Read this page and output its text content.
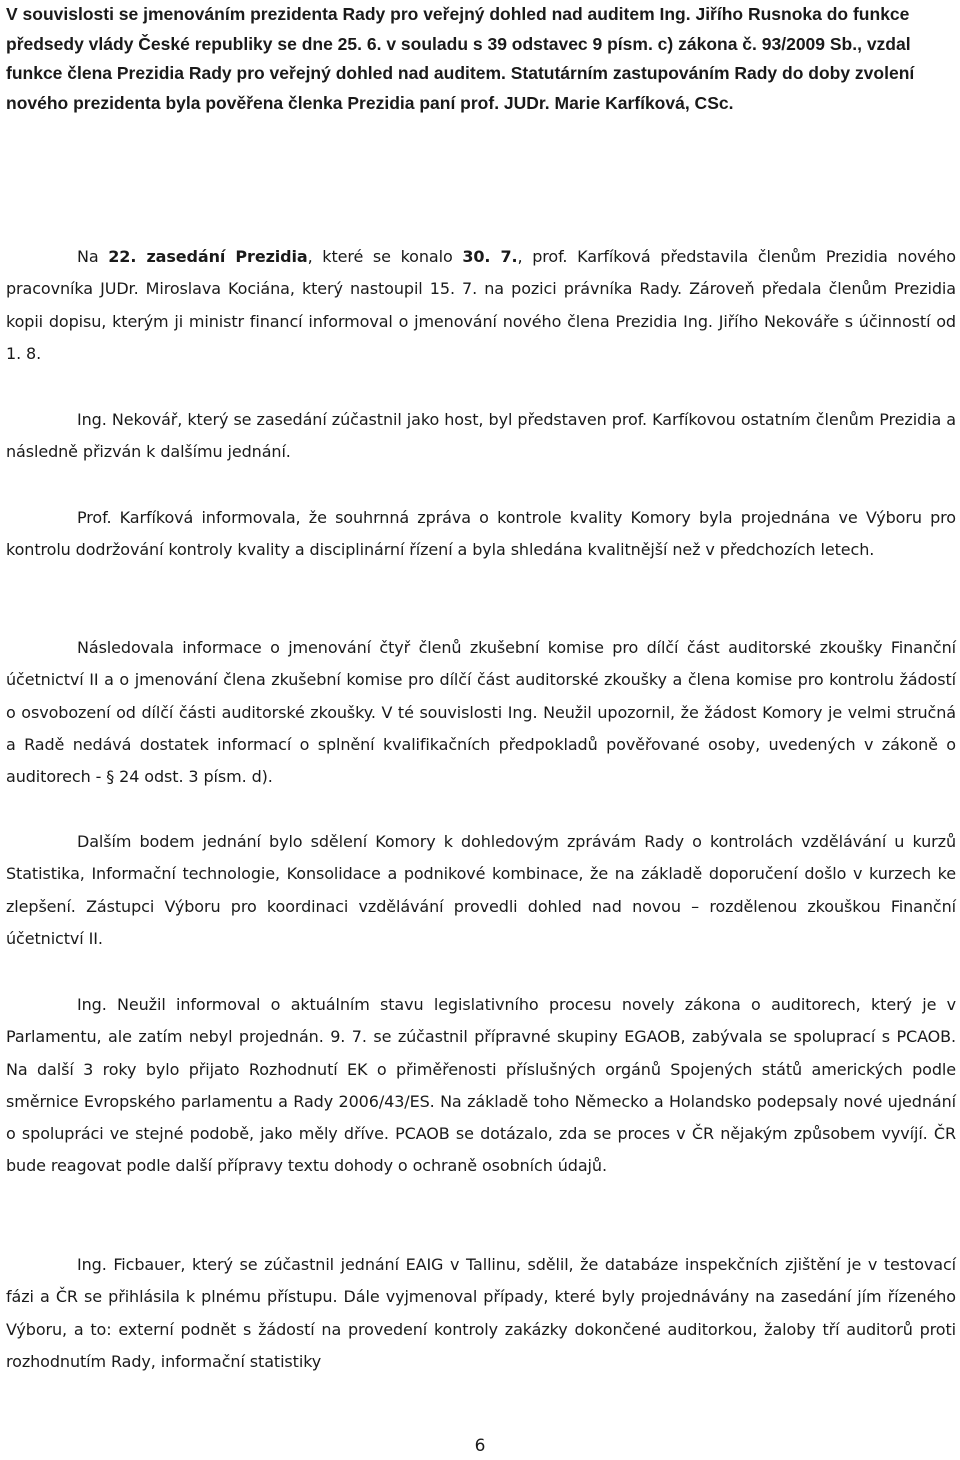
V souvislosti se jmenováním prezidenta Rady pro veřejný dohled nad auditem Ing. Jiřího Rusnoka do funkce předsedy vlády České republiky se dne 25. 6. v souladu s 39 odstavec 9 písm. c) zákona č. 93/2009 Sb., vzdal funkce člena Prezidia Rady pro veřejný dohled nad auditem. Statutárním zastupováním Rady do doby zvolení nového prezidenta byla pověřena členka Prezidia paní prof. JUDr. Marie Karfíková, CSc.

Na 22. zasedání Prezidia, které se konalo 30. 7., prof. Karfíková představila členům Prezidia nového pracovníka JUDr. Miroslava Kociána, který nastoupil 15. 7. na pozici právníka Rady. Zároveň předala členům Prezidia kopii dopisu, kterým ji ministr financí informoval o jmenování nového člena Prezidia Ing. Jiřího Nekováře s účinností od 1. 8.

Ing. Nekovář, který se zasedání zúčastnil jako host, byl představen prof. Karfíkovou ostatním členům Prezidia a následně přizván k dalšímu jednání.

Prof. Karfíková informovala, že souhrnná zpráva o kontrole kvality Komory byla projednána ve Výboru pro kontrolu dodržování kontroly kvality a disciplinární řízení a byla shledána kvalitnější než v předchozích letech.

Následovala informace o jmenování čtyř členů zkušební komise pro dílčí část auditorské zkoušky Finanční účetnictví II a o jmenování člena zkušební komise pro dílčí část auditorské zkoušky a člena komise pro kontrolu žádostí o osvobození od dílčí části auditorské zkoušky. V té souvislosti Ing. Neužil upozornil, že žádost Komory je velmi stručná a Radě nedává dostatek informací o splnění kvalifikačních předpokladů pověřované osoby, uvedených v zákoně o auditorech - § 24 odst. 3 písm. d).

Dalším bodem jednání bylo sdělení Komory k dohledovým zprávám Rady o kontrolách vzdělávání u kurzů Statistika, Informační technologie, Konsolidace a podnikové kombinace, že na základě doporučení došlo v kurzech ke zlepšení. Zástupci Výboru pro koordinaci vzdělávání provedli dohled nad novou – rozdělenou zkouškou Finanční účetnictví II.

Ing. Neužil informoval o aktuálním stavu legislativního procesu novely zákona o auditorech, který je v Parlamentu, ale zatím nebyl projednán. 9. 7. se zúčastnil přípravné skupiny EGAOB, zabývala se spoluprací s PCAOB. Na další 3 roky bylo přijato Rozhodnutí EK o přiměřenosti příslušných orgánů Spojených států amerických podle směrnice Evropského parlamentu a Rady 2006/43/ES. Na základě toho Německo a Holandsko podepsaly nové ujednání o spolupráci ve stejné podobě, jako měly dříve. PCAOB se dotázalo, zda se proces v ČR nějakým způsobem vyvíjí. ČR bude reagovat podle další přípravy textu dohody o ochraně osobních údajů.

Ing. Ficbauer, který se zúčastnil jednání EAIG v Tallinu, sdělil, že databáze inspekčních zjištění je v testovací fázi a ČR se přihlásila k plnému přístupu. Dále vyjmenoval případy, které byly projednávány na zasedání jím řízeného Výboru, a to: externí podnět s žádostí na provedení kontroly zakázky dokončené auditorkou, žaloby tří auditorů proti rozhodnutím Rady, informační statistiky

6
